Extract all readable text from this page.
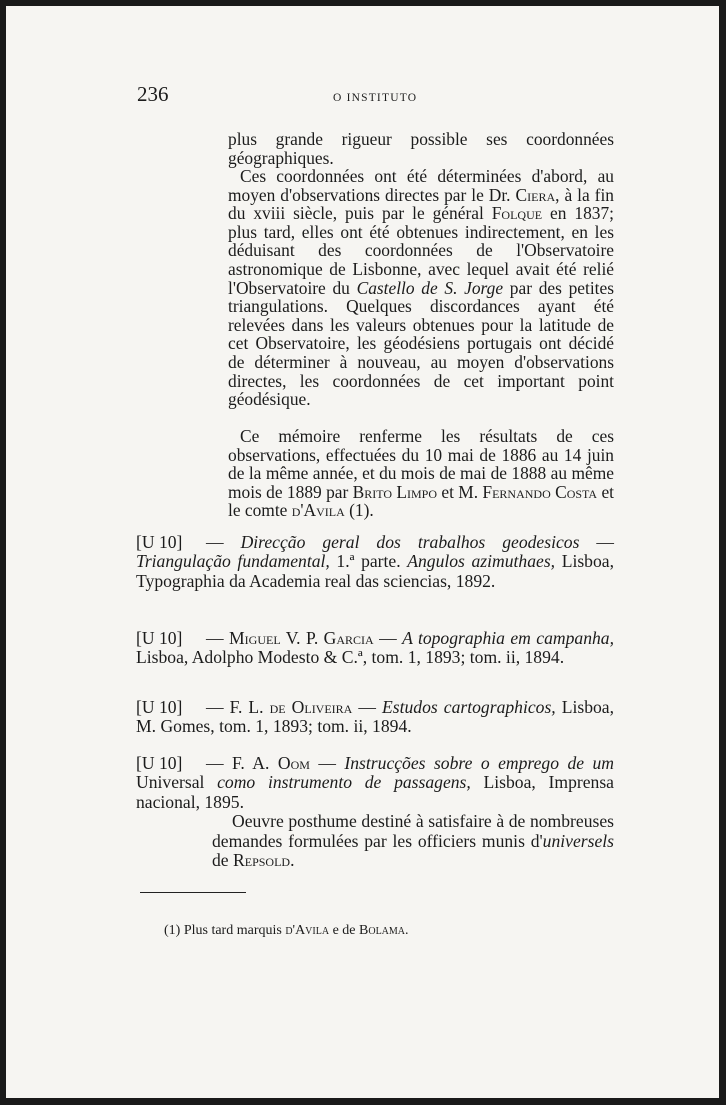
236	O INSTITUTO

plus grande rigueur possible ses coordonnées géographiques.

Ces coordonnées ont été déterminées d'abord, au moyen d'observations directes par le Dr. Ciera, à la fin du xviii siècle, puis par le général Folque en 1837; plus tard, elles ont été obtenues indirectement, en les déduisant des coordonnées de l'Observatoire astronomique de Lisbonne, avec lequel avait été relié l'Observatoire du Castello de S. Jorge par des petites triangulations. Quelques discordances ayant été relevées dans les valeurs obtenues pour la latitude de cet Observatoire, les géodésiens portugais ont décidé de déterminer à nouveau, au moyen d'observations directes, les coordonnées de cet important point géodésique.

Ce mémoire renferme les résultats de ces observations, effectuées du 10 mai de 1886 au 14 juin de la même année, et du mois de mai de 1888 au même mois de 1889 par Brito Limpo et M. Fernando Costa et le comte d'Avila (1).

[U 10] — Direcção geral dos trabalhos geodesicos — Triangulação fundamental, 1.ª parte. Angulos azimuthaes, Lisboa, Typographia da Academia real das sciencias, 1892.
[U 10] — Miguel V. P. Garcia — A topographia em campanha, Lisboa, Adolpho Modesto & C.ª, tom. 1, 1893; tom. ii, 1894.
[U 10] — F. L. de Oliveira — Estudos cartographicos, Lisboa, M. Gomes, tom. 1, 1893; tom. ii, 1894.
[U 10] — F. A. Oom — Instrucções sobre o emprego de um Universal como instrumento de passagens, Lisboa, Imprensa nacional, 1895.
Oeuvre posthume destiné à satisfaire à de nombreuses demandes formulées par les officiers munis d'universels de Repsold.

(1) Plus tard marquis d'Avila e de Bolama.
